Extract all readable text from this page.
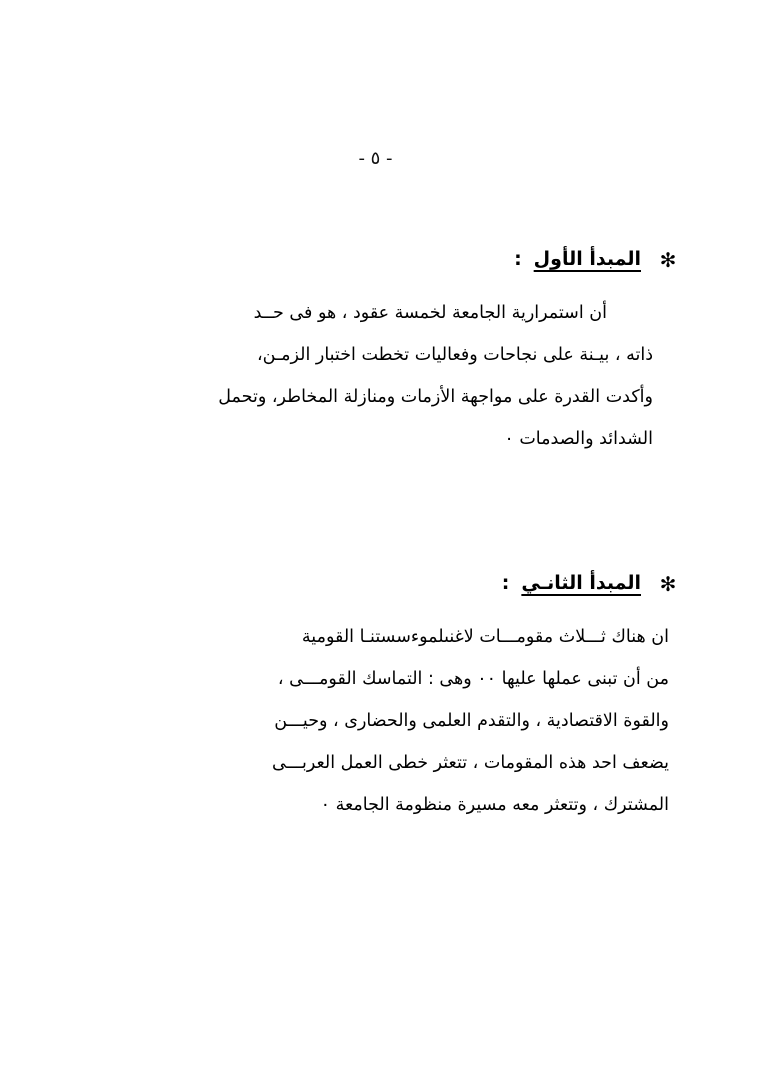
- ٥ -
✻
المبدأ الأول:
أن استمرارية الجامعة لخمسة عقود ، هو فى حــد
ذاته ، بيـنة على نجاحات وفعاليات تخطت اختبار الزمـن،
وأكدت القدرة على مواجهة الأزمات ومنازلة المخاطر، وتحمل
الشدائد والصدمات ٠
✻
المبدأ الثانـي:
ان هناك ثـــلاث مقومـــات لاغنىلموءسستنـا القومية
من أن تبنى عملها عليها ٠٠ وهى : التماسك القومـــى ،
والقوة الاقتصادية ، والتقدم العلمى والحضارى ، وحيـــن
يضعف احد هذه المقومات ، تتعثر خطى العمل العربـــى
المشترك ، وتتعثر معه مسيرة منظومة الجامعة ٠
